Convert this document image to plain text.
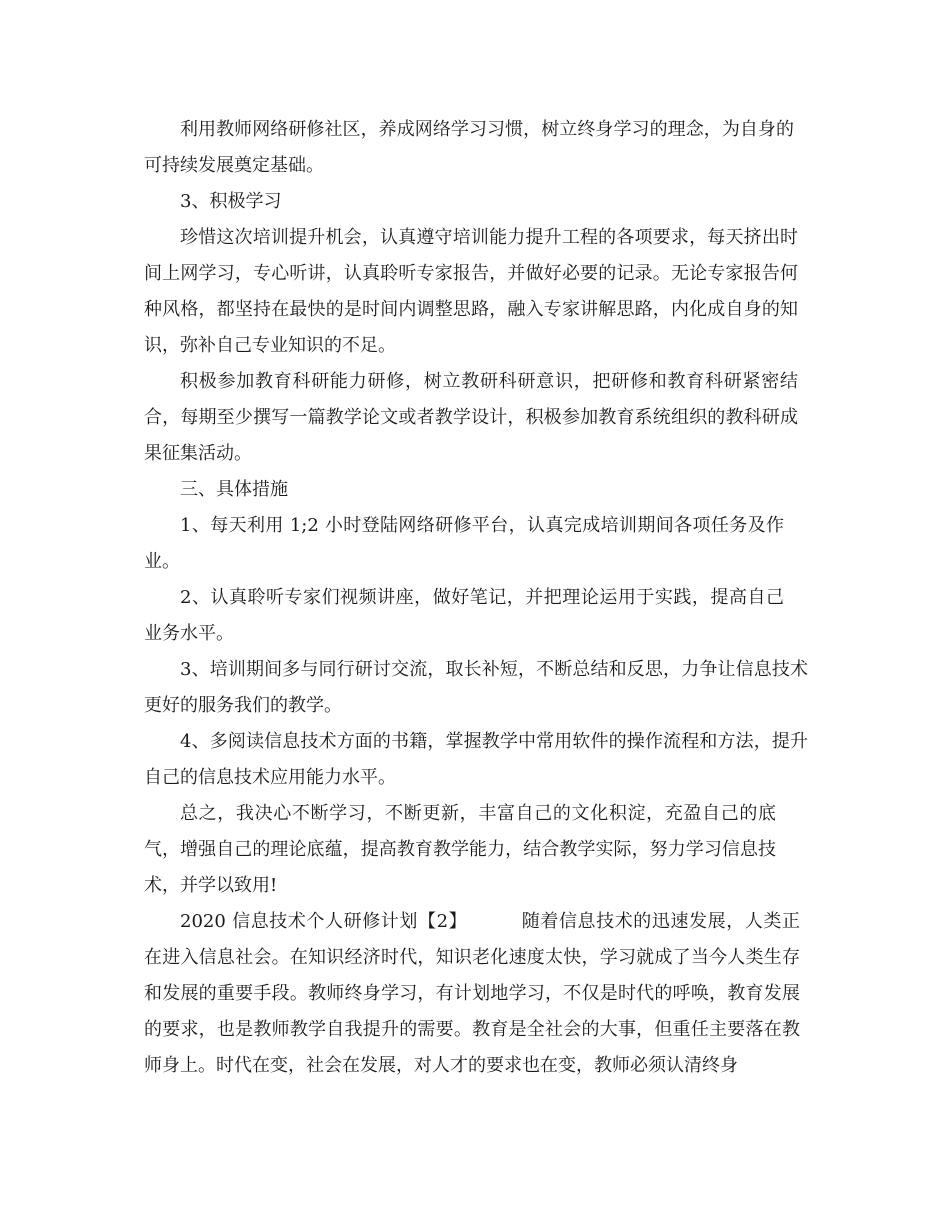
利用教师网络研修社区，养成网络学习习惯，树立终身学习的理念，为自身的可持续发展奠定基础。

3、积极学习

珍惜这次培训提升机会，认真遵守培训能力提升工程的各项要求，每天挤出时间上网学习，专心听讲，认真聆听专家报告，并做好必要的记录。无论专家报告何种风格，都坚持在最快的是时间内调整思路，融入专家讲解思路，内化成自身的知识，弥补自己专业知识的不足。

积极参加教育科研能力研修，树立教研科研意识，把研修和教育科研紧密结合，每期至少撰写一篇教学论文或者教学设计，积极参加教育系统组织的教科研成果征集活动。

三、具体措施

1、每天利用 1;2 小时登陆网络研修平台，认真完成培训期间各项任务及作业。

2、认真聆听专家们视频讲座，做好笔记，并把理论运用于实践，提高自己业务水平。

3、培训期间多与同行研讨交流，取长补短，不断总结和反思，力争让信息技术更好的服务我们的教学。

4、多阅读信息技术方面的书籍，掌握教学中常用软件的操作流程和方法，提升自己的信息技术应用能力水平。

总之，我决心不断学习，不断更新，丰富自己的文化积淀，充盈自己的底气，增强自己的理论底蕴，提高教育教学能力，结合教学实际，努力学习信息技术，并学以致用!

2020 信息技术个人研修计划【2】	随着信息技术的迅速发展，人类正在进入信息社会。在知识经济时代，知识老化速度太快，学习就成了当今人类生存和发展的重要手段。教师终身学习，有计划地学习，不仅是时代的呼唤，教育发展的要求，也是教师教学自我提升的需要。教育是全社会的大事，但重任主要落在教师身上。时代在变，社会在发展，对人才的要求也在变，教师必须认清终身
